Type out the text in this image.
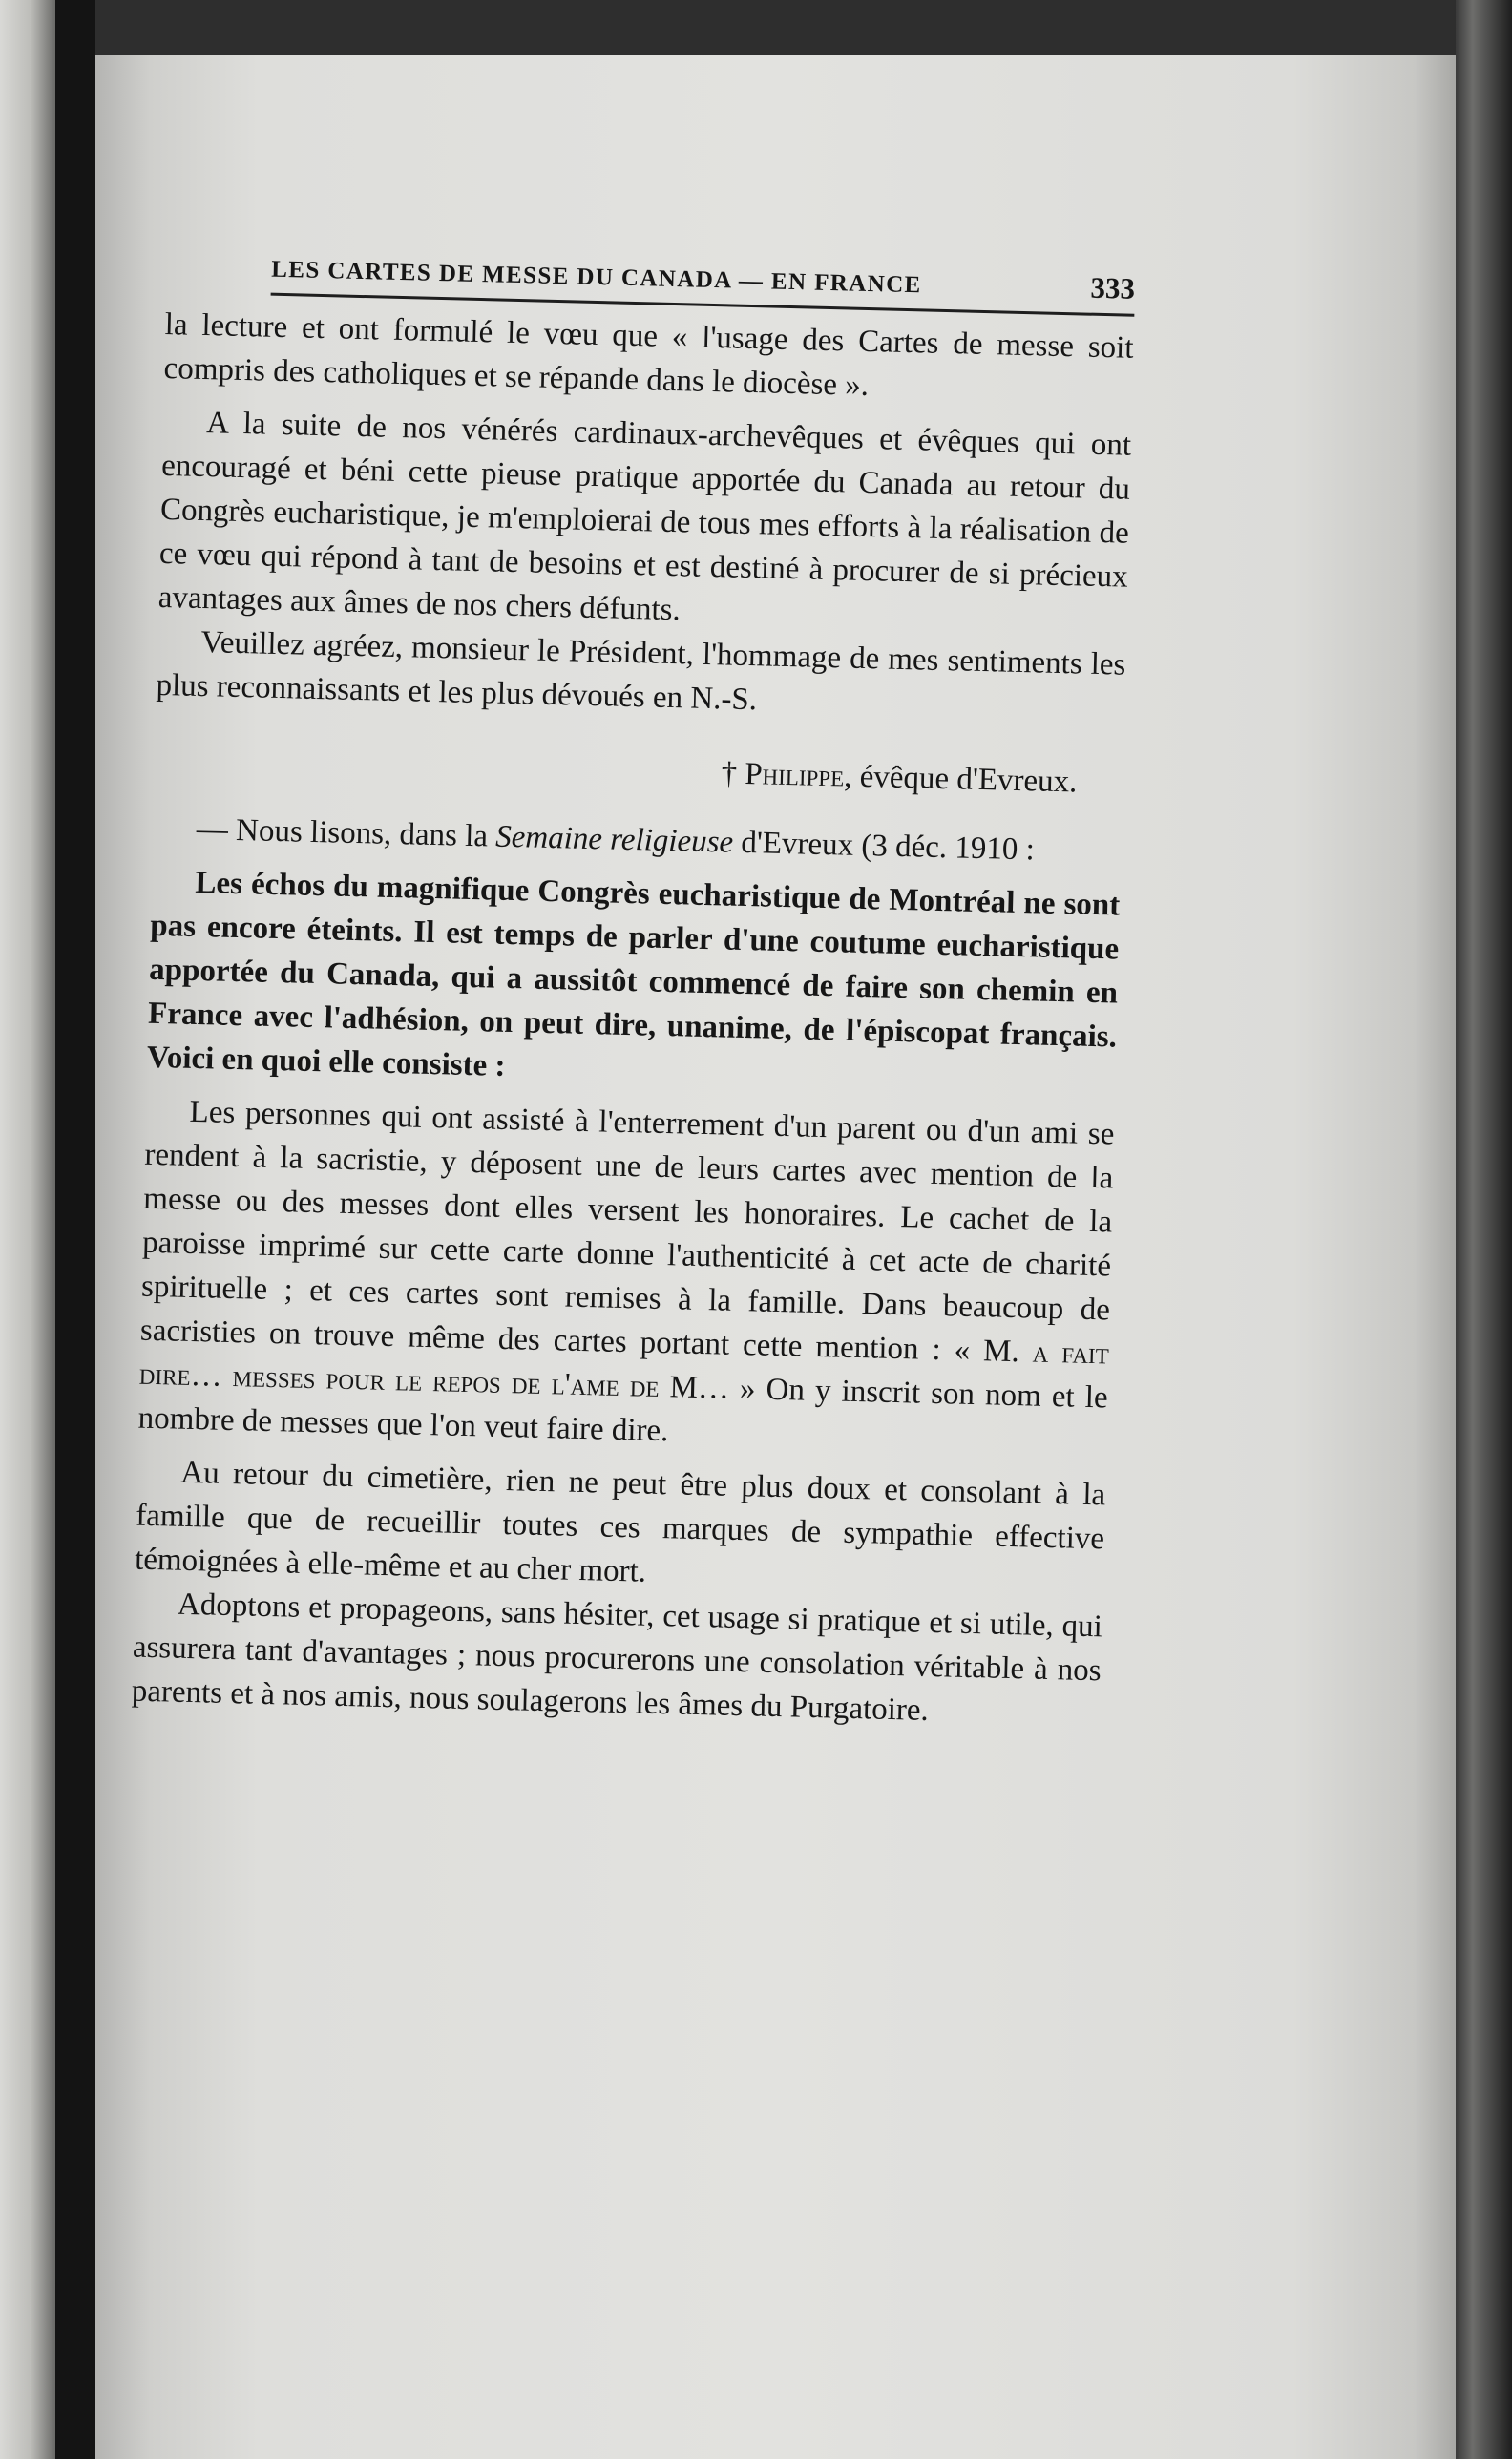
LES CARTES DE MESSE DU CANADA — EN FRANCE	333

la lecture et ont formulé le vœu que « l'usage des Cartes de messe soit compris des catholiques et se répande dans le diocèse ».

A la suite de nos vénérés cardinaux-archevêques et évêques qui ont encouragé et béni cette pieuse pratique apportée du Canada au retour du Congrès eucharistique, je m'emploierai de tous mes efforts à la réalisation de ce vœu qui répond à tant de besoins et est destiné à procurer de si précieux avantages aux âmes de nos chers défunts.

Veuillez agréez, monsieur le Président, l'hommage de mes sentiments les plus reconnaissants et les plus dévoués en N.-S.

† Philippe, évêque d'Evreux.

— Nous lisons, dans la Semaine religieuse d'Evreux (3 déc. 1910 :

Les échos du magnifique Congrès eucharistique de Montréal ne sont pas encore éteints. Il est temps de parler d'une coutume eucharistique apportée du Canada, qui a aussitôt commencé de faire son chemin en France avec l'adhésion, on peut dire, unanime, de l'épiscopat français. Voici en quoi elle consiste :

Les personnes qui ont assisté à l'enterrement d'un parent ou d'un ami se rendent à la sacristie, y déposent une de leurs cartes avec mention de la messe ou des messes dont elles versent les honoraires. Le cachet de la paroisse imprimé sur cette carte donne l'authenticité à cet acte de charité spirituelle ; et ces cartes sont remises à la famille. Dans beaucoup de sacristies on trouve même des cartes portant cette mention : « M. a fait dire… messes pour le repos de l'ame de M… » On y inscrit son nom et le nombre de messes que l'on veut faire dire.

Au retour du cimetière, rien ne peut être plus doux et consolant à la famille que de recueillir toutes ces marques de sympathie effective témoignées à elle-même et au cher mort.

Adoptons et propageons, sans hésiter, cet usage si pratique et si utile, qui assurera tant d'avantages ; nous procurerons une consolation véritable à nos parents et à nos amis, nous soulagerons les âmes du Purgatoire.
